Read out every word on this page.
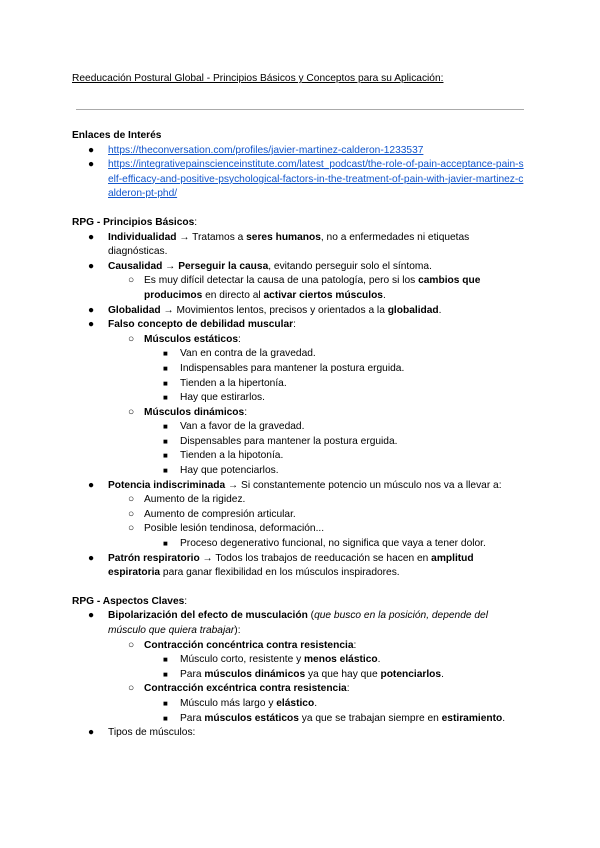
Reeducación Postural Global - Principios Básicos y Conceptos para su Aplicación:

Enlaces de Interés

● https://theconversation.com/profiles/javier-martinez-calderon-1233537
● https://integrativepainscienceinstitute.com/latest_podcast/the-role-of-pain-acceptance-pain-self-efficacy-and-positive-psychological-factors-in-the-treatment-of-pain-with-javier-martinez-calderon-pt-phd/

RPG - Principios Básicos:

● Individualidad → Tratamos a seres humanos, no a enfermedades ni etiquetas diagnósticas.
● Causalidad → Perseguir la causa, evitando perseguir solo el síntoma.
○ Es muy difícil detectar la causa de una patología, pero si los cambios que producimos en directo al activar ciertos músculos.
● Globalidad → Movimientos lentos, precisos y orientados a la globalidad.
● Falso concepto de debilidad muscular:
○ Músculos estáticos:
■ Van en contra de la gravedad.
■ Indispensables para mantener la postura erguida.
■ Tienden a la hipertonía.
■ Hay que estirarlos.
○ Músculos dinámicos:
■ Van a favor de la gravedad.
■ Dispensables para mantener la postura erguida.
■ Tienden a la hipotonía.
■ Hay que potenciarlos.
● Potencia indiscriminada → Si constantemente potencio un músculo nos va a llevar a:
○ Aumento de la rigidez.
○ Aumento de compresión articular.
○ Posible lesión tendinosa, deformación...
■ Proceso degenerativo funcional, no significa que vaya a tener dolor.
● Patrón respiratorio → Todos los trabajos de reeducación se hacen en amplitud espiratoria para ganar flexibilidad en los músculos inspiradores.

RPG - Aspectos Claves:

● Bipolarización del efecto de musculación (que busco en la posición, depende del músculo que quiera trabajar):
○ Contracción concéntrica contra resistencia:
■ Músculo corto, resistente y menos elástico.
■ Para músculos dinámicos ya que hay que potenciarlos.
○ Contracción excéntrica contra resistencia:
■ Músculo más largo y elástico.
■ Para músculos estáticos ya que se trabajan siempre en estiramiento.
● Tipos de músculos:
